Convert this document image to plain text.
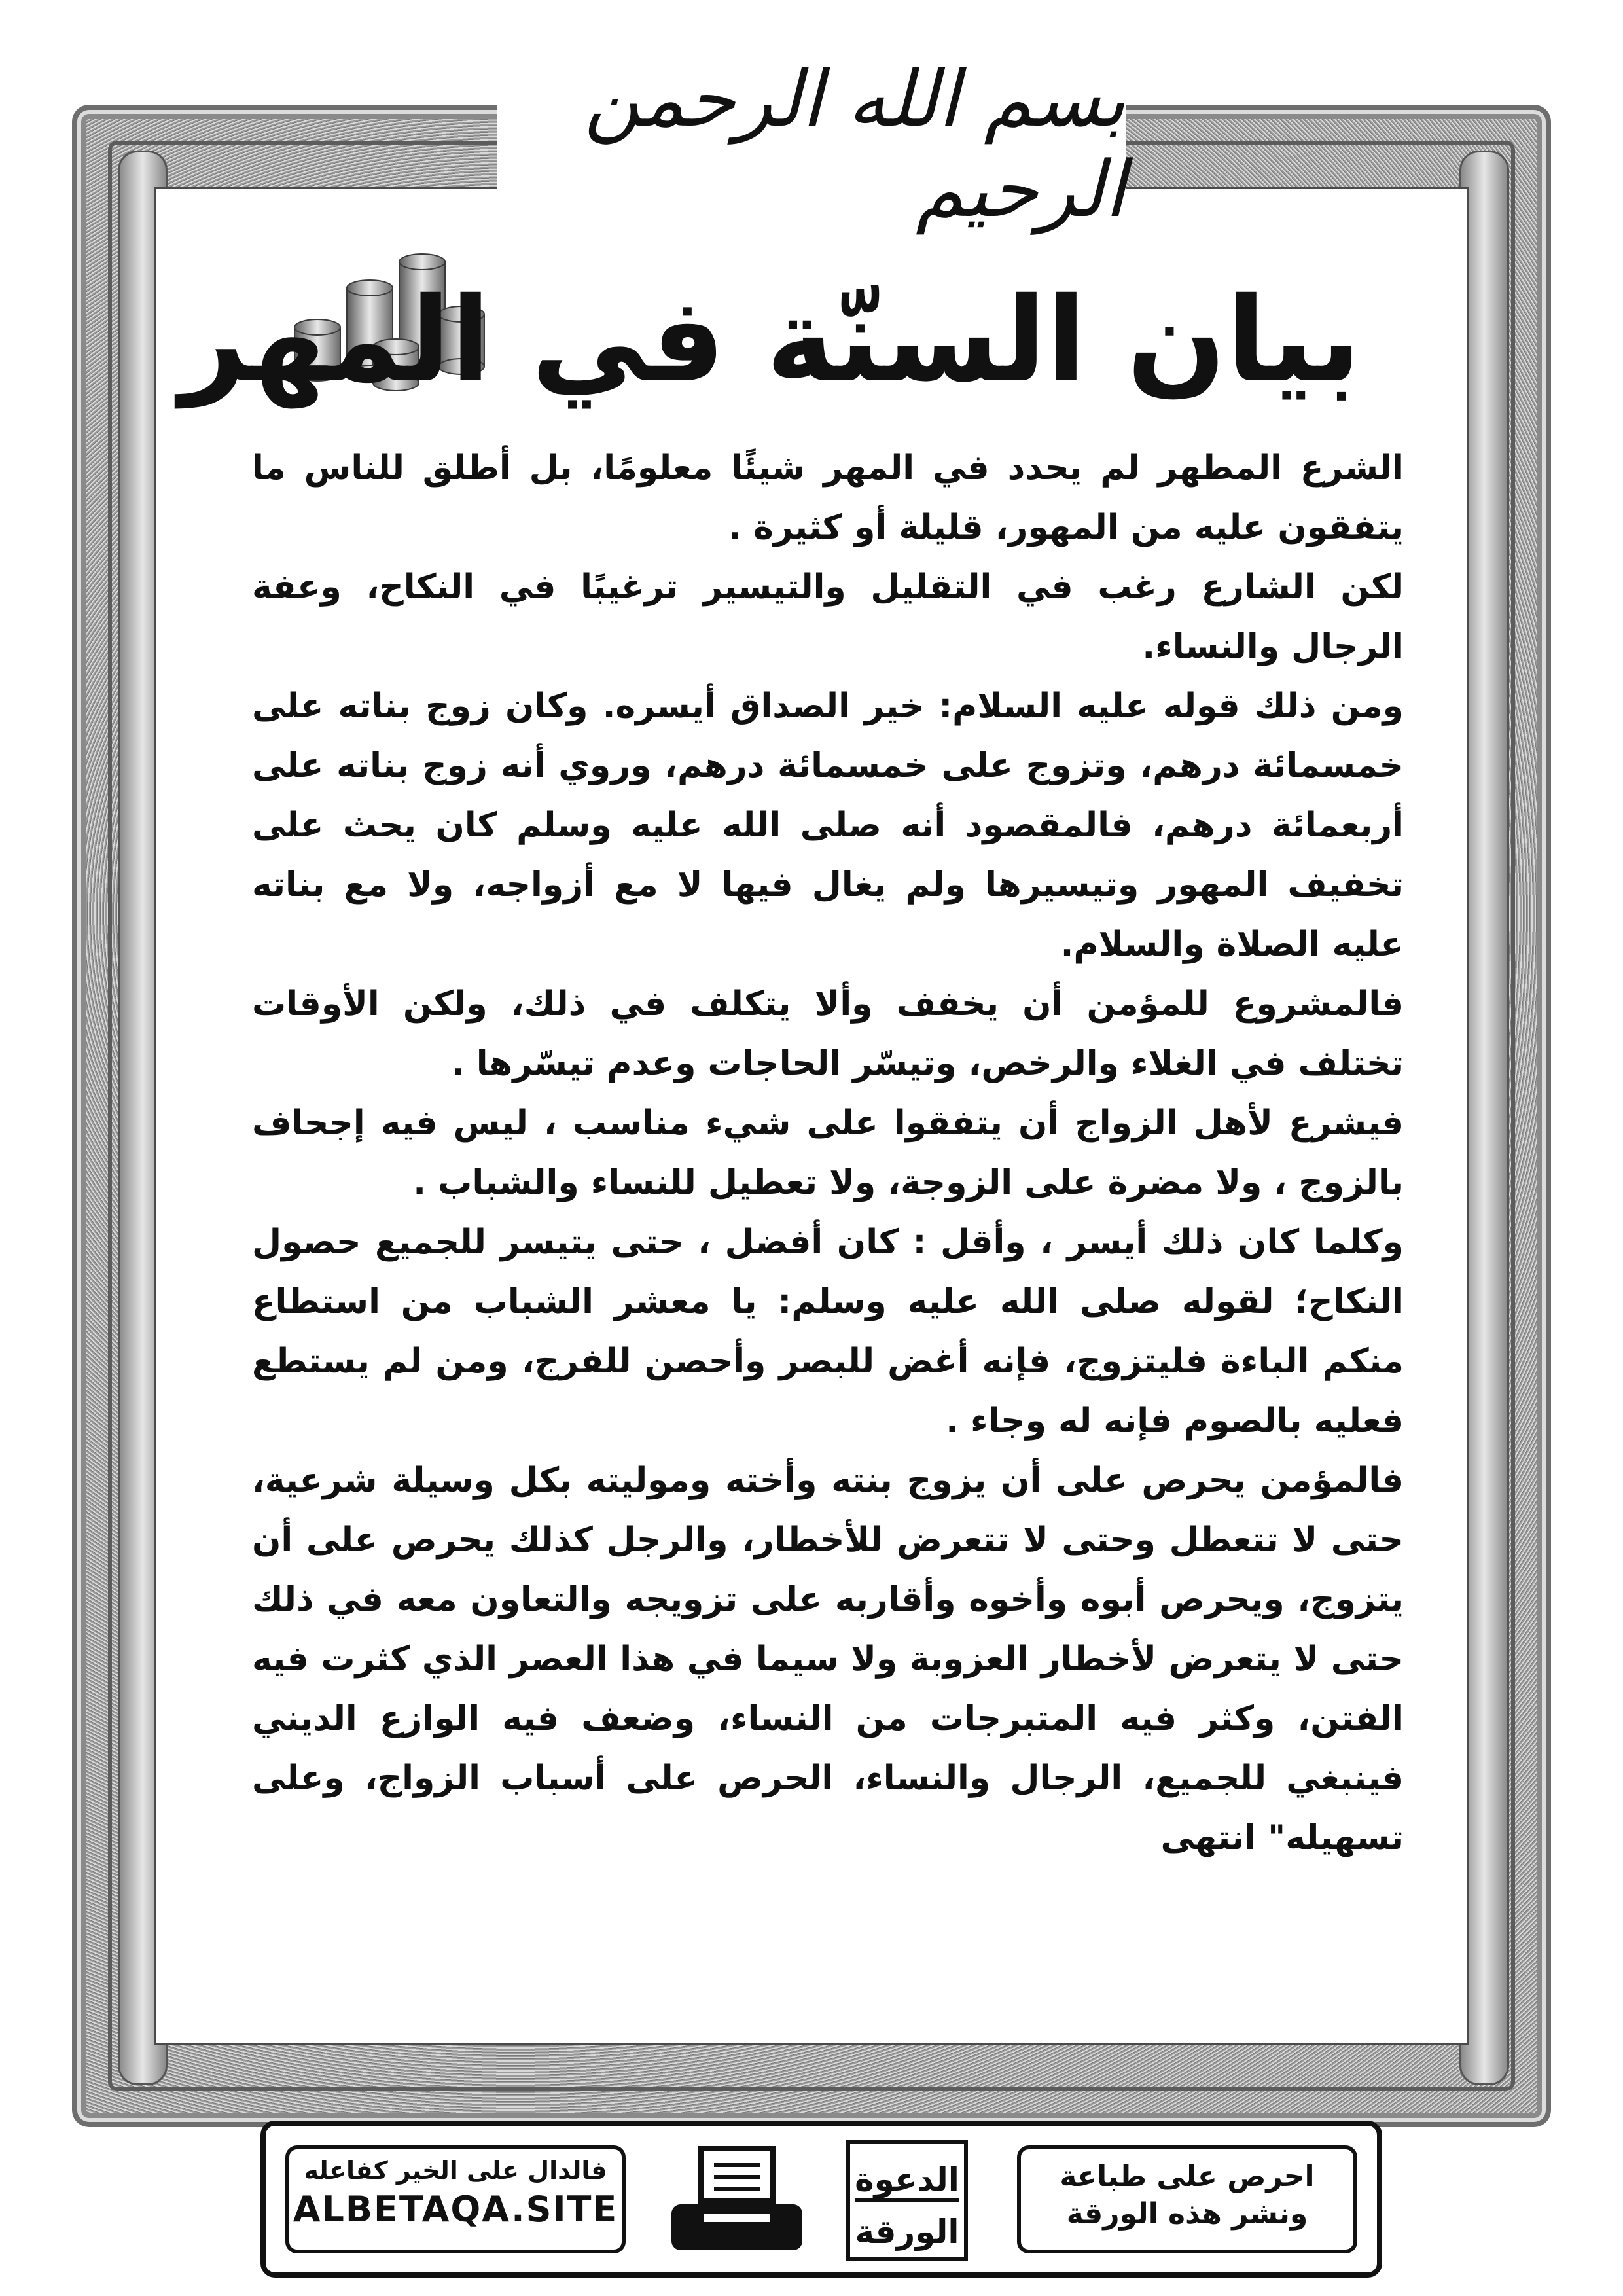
بسم الله الرحمن الرحيم
بيان السنّة في المهر

الشرع المطهر لم يحدد في المهر شيئًا معلومًا، بل أطلق للناس ما يتفقون عليه من المهور، قليلة أو كثيرة .

لكن الشارع رغب في التقليل والتيسير ترغيبًا في النكاح، وعفة الرجال والنساء.

ومن ذلك قوله عليه السلام: خير الصداق أيسره. وكان زوج بناته على خمسمائة درهم، وتزوج على خمسمائة درهم، وروي أنه زوج بناته على أربعمائة درهم، فالمقصود أنه صلى الله عليه وسلم كان يحث على تخفيف المهور وتيسيرها ولم يغال فيها لا مع أزواجه، ولا مع بناته عليه الصلاة والسلام.

فالمشروع للمؤمن أن يخفف وألا يتكلف في ذلك، ولكن الأوقات تختلف في الغلاء والرخص، وتيسّر الحاجات وعدم تيسّرها .

فيشرع لأهل الزواج أن يتفقوا على شيء مناسب ، ليس فيه إجحاف بالزوج ، ولا مضرة على الزوجة، ولا تعطيل للنساء والشباب .

وكلما كان ذلك أيسر ، وأقل : كان أفضل ، حتى يتيسر للجميع حصول النكاح؛ لقوله صلى الله عليه وسلم: يا معشر الشباب من استطاع منكم الباءة فليتزوج، فإنه أغض للبصر وأحصن للفرج، ومن لم يستطع فعليه بالصوم فإنه له وجاء .

فالمؤمن يحرص على أن يزوج بنته وأخته وموليته بكل وسيلة شرعية، حتى لا تتعطل وحتى لا تتعرض للأخطار، والرجل كذلك يحرص على أن يتزوج، ويحرص أبوه وأخوه وأقاربه على تزويجه والتعاون معه في ذلك حتى لا يتعرض لأخطار العزوبة ولا سيما في هذا العصر الذي كثرت فيه الفتن، وكثر فيه المتبرجات من النساء، وضعف فيه الوازع الديني فينبغي للجميع، الرجال والنساء، الحرص على أسباب الزواج، وعلى تسهيله" انتهى

فالدال على الخير كفاعله
ALBETAQA.SITE
الدعوة
الورقة
احرص على طباعة
ونشر هذه الورقة
